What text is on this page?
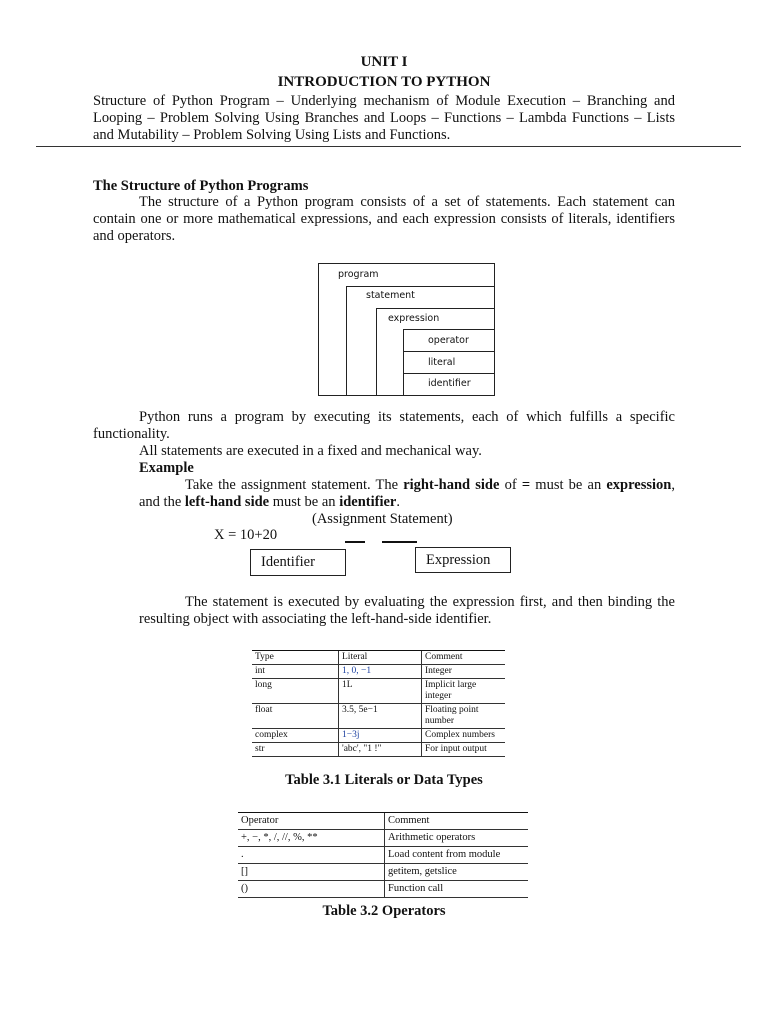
UNIT I
INTRODUCTION TO PYTHON
Structure of Python Program – Underlying mechanism of Module Execution – Branching and Looping – Problem Solving Using Branches and Loops – Functions – Lambda Functions – Lists and Mutability – Problem Solving Using Lists and Functions.
The Structure of Python Programs
The structure of a Python program consists of a set of statements. Each statement can contain one or more mathematical expressions, and each expression consists of literals, identifiers and operators.
program
statement
expression
operator
literal
identifier
Python runs a program by executing its statements, each of which fulfills a specific functionality.
All statements are executed in a fixed and mechanical way.
Example
Take the assignment statement. The right-hand side of = must be an expression, and the left-hand side must be an identifier.
(Assignment Statement)
X = 10+20
Identifier	Expression
The statement is executed by evaluating the expression first, and then binding the resulting object with associating the left-hand-side identifier.
Type	Literal	Comment
int	1, 0, −1	Integer
long	1L	Implicit large integer
float	3.5, 5e−1	Floating point number
complex	1−3j	Complex numbers
str	'abc', "1 !"	For input output
Table 3.1 Literals or Data Types
Operator	Comment
+, −, *, /, //, %, **	Arithmetic operators
.	Load content from module
[]	getitem, getslice
()	Function call
Table 3.2 Operators
